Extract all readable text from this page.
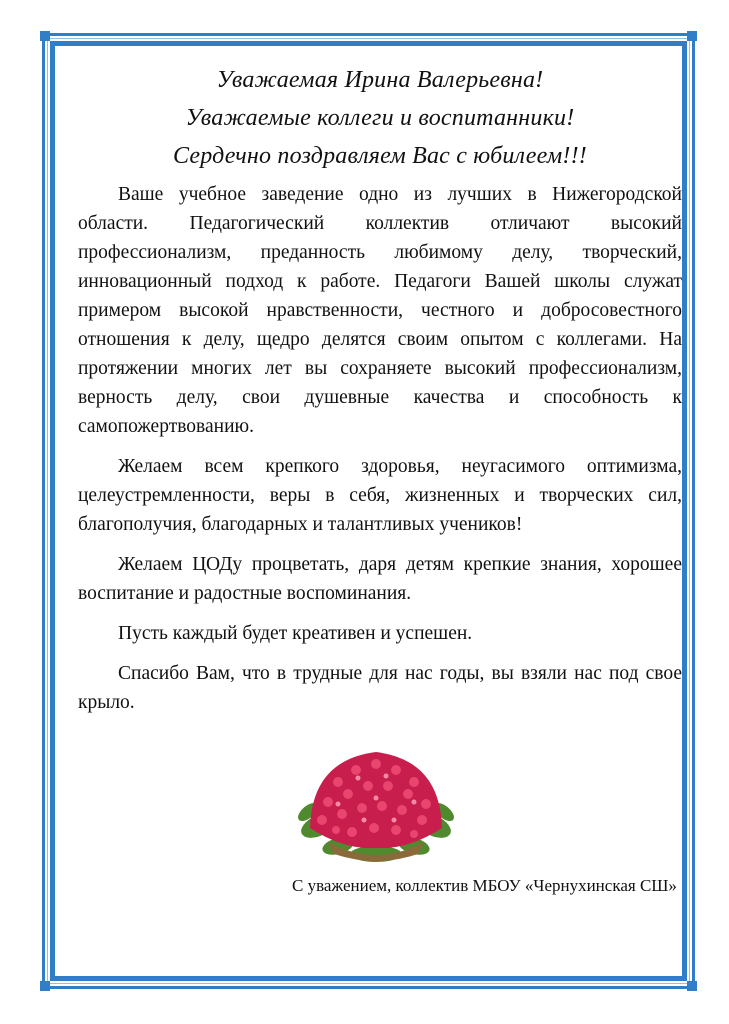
Уважаемая Ирина Валерьевна!

Уважаемые коллеги и воспитанники!

Сердечно поздравляем Вас с юбилеем!!!

Ваше учебное заведение одно из лучших в Нижегородской области. Педагогический коллектив отличают высокий профессионализм, преданность любимому делу, творческий, инновационный подход к работе. Педагоги Вашей школы служат примером высокой нравственности, честного и добросовестного отношения к делу, щедро делятся своим опытом с коллегами. На протяжении многих лет вы сохраняете высокий профессионализм, верность делу, свои душевные качества и способность к самопожертвованию.

Желаем всем крепкого здоровья, неугасимого оптимизма, целеустремленности, веры в себя, жизненных и творческих сил, благополучия, благодарных и талантливых учеников!

Желаем ЦОДу процветать, даря детям крепкие знания, хорошее воспитание и радостные воспоминания.

Пусть каждый будет креативен и успешен.

Спасибо Вам, что в трудные для нас годы, вы взяли нас под свое крыло.

С уважением, коллектив МБОУ «Чернухинская СШ»
